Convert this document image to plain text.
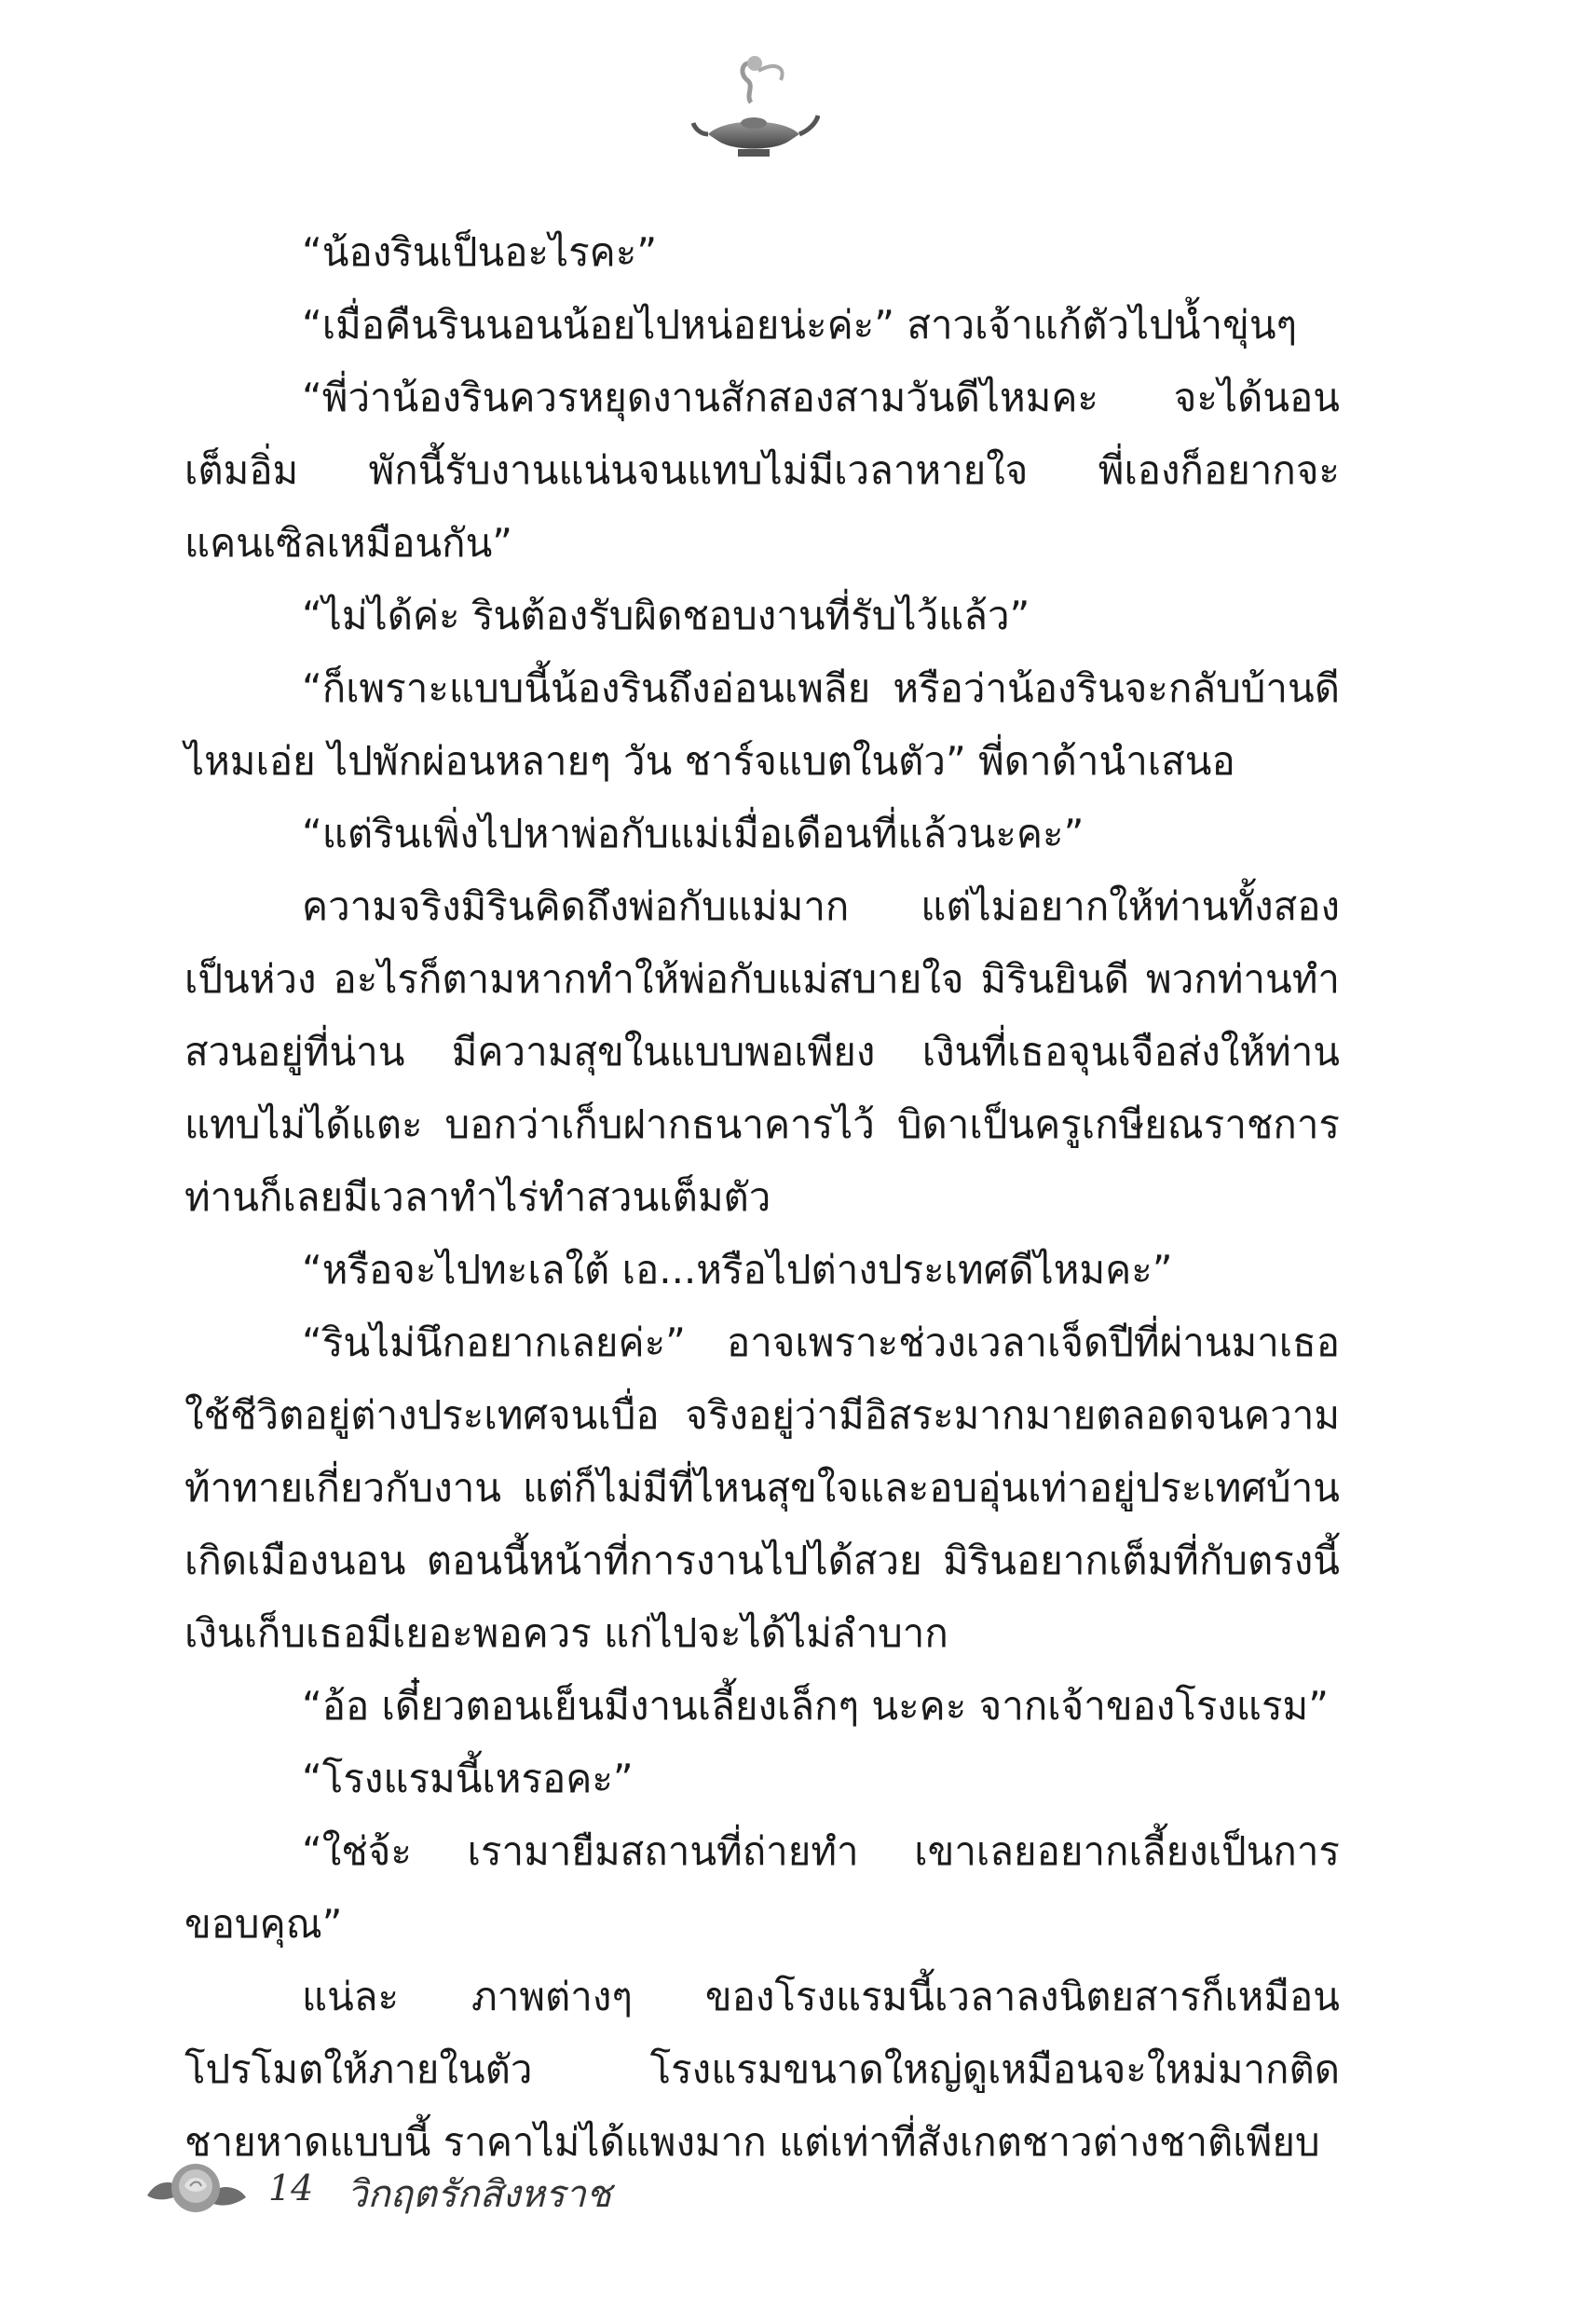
“น้องรินเป็นอะไรคะ”

“เมื่อคืนรินนอนน้อยไปหน่อยน่ะค่ะ” สาวเจ้าแก้ตัวไปน้ำขุ่นๆ

“พี่ว่าน้องรินควรหยุดงานสักสองสามวันดีไหมคะ จะได้นอนเต็มอิ่ม พักนี้รับงานแน่นจนแทบไม่มีเวลาหายใจ พี่เองก็อยากจะแคนเซิลเหมือนกัน”

“ไม่ได้ค่ะ รินต้องรับผิดชอบงานที่รับไว้แล้ว”

“ก็เพราะแบบนี้น้องรินถึงอ่อนเพลีย หรือว่าน้องรินจะกลับบ้านดีไหมเอ่ย ไปพักผ่อนหลายๆ วัน ชาร์จแบตในตัว” พี่ดาด้านำเสนอ

“แต่รินเพิ่งไปหาพ่อกับแม่เมื่อเดือนที่แล้วนะคะ”

ความจริงมิรินคิดถึงพ่อกับแม่มาก แต่ไม่อยากให้ท่านทั้งสองเป็นห่วง อะไรก็ตามหากทำให้พ่อกับแม่สบายใจ มิรินยินดี พวกท่านทำสวนอยู่ที่น่าน มีความสุขในแบบพอเพียง เงินที่เธอจุนเจือส่งให้ท่านแทบไม่ได้แตะ บอกว่าเก็บฝากธนาคารไว้ บิดาเป็นครูเกษียณราชการ ท่านก็เลยมีเวลาทำไร่ทำสวนเต็มตัว

“หรือจะไปทะเลใต้ เอ...หรือไปต่างประเทศดีไหมคะ”

“รินไม่นึกอยากเลยค่ะ” อาจเพราะช่วงเวลาเจ็ดปีที่ผ่านมาเธอใช้ชีวิตอยู่ต่างประเทศจนเบื่อ จริงอยู่ว่ามีอิสระมากมายตลอดจนความท้าทายเกี่ยวกับงาน แต่ก็ไม่มีที่ไหนสุขใจและอบอุ่นเท่าอยู่ประเทศบ้านเกิดเมืองนอน ตอนนี้หน้าที่การงานไปได้สวย มิรินอยากเต็มที่กับตรงนี้ เงินเก็บเธอมีเยอะพอควร แก่ไปจะได้ไม่ลำบาก

“อ้อ เดี๋ยวตอนเย็นมีงานเลี้ยงเล็กๆ นะคะ จากเจ้าของโรงแรม”

“โรงแรมนี้เหรอคะ”

“ใช่จ้ะ เรามายืมสถานที่ถ่ายทำ เขาเลยอยากเลี้ยงเป็นการขอบคุณ”

แน่ละ ภาพต่างๆ ของโรงแรมนี้เวลาลงนิตยสารก็เหมือนโปรโมตให้ภายในตัว โรงแรมขนาดใหญ่ดูเหมือนจะใหม่มากติดชายหาดแบบนี้ ราคาไม่ได้แพงมาก แต่เท่าที่สังเกตชาวต่างชาติเพียบ

14 วิกฤตรักสิงหราช
